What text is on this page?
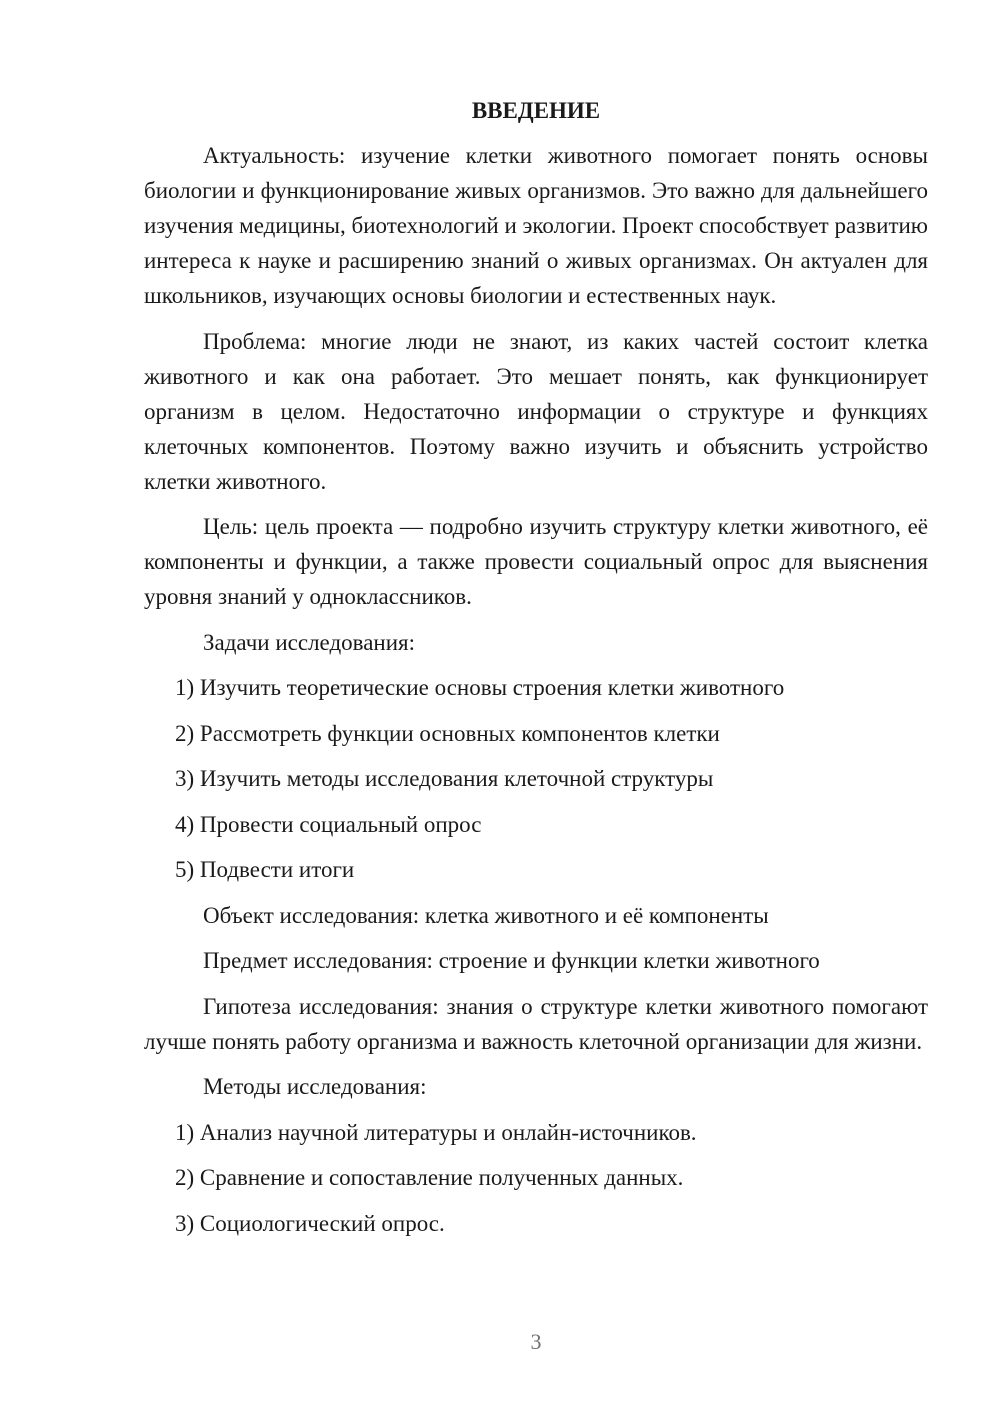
ВВЕДЕНИЕ

Актуальность: изучение клетки животного помогает понять основы биологии и функционирование живых организмов. Это важно для дальнейшего изучения медицины, биотехнологий и экологии. Проект способствует развитию интереса к науке и расширению знаний о живых организмах. Он актуален для школьников, изучающих основы биологии и естественных наук.

Проблема: многие люди не знают, из каких частей состоит клетка животного и как она работает. Это мешает понять, как функционирует организм в целом. Недостаточно информации о структуре и функциях клеточных компонентов. Поэтому важно изучить и объяснить устройство клетки животного.

Цель: цель проекта — подробно изучить структуру клетки животного, её компоненты и функции, а также провести социальный опрос для выяснения уровня знаний у одноклассников.

Задачи исследования:
1) Изучить теоретические основы строения клетки животного
2) Рассмотреть функции основных компонентов клетки
3) Изучить методы исследования клеточной структуры
4) Провести социальный опрос
5) Подвести итоги
Объект исследования: клетка животного и её компоненты
Предмет исследования: строение и функции клетки животного

Гипотеза исследования: знания о структуре клетки животного помогают лучше понять работу организма и важность клеточной организации для жизни.

Методы исследования:
1) Анализ научной литературы и онлайн-источников.
2) Сравнение и сопоставление полученных данных.
3) Социологический опрос.
3
